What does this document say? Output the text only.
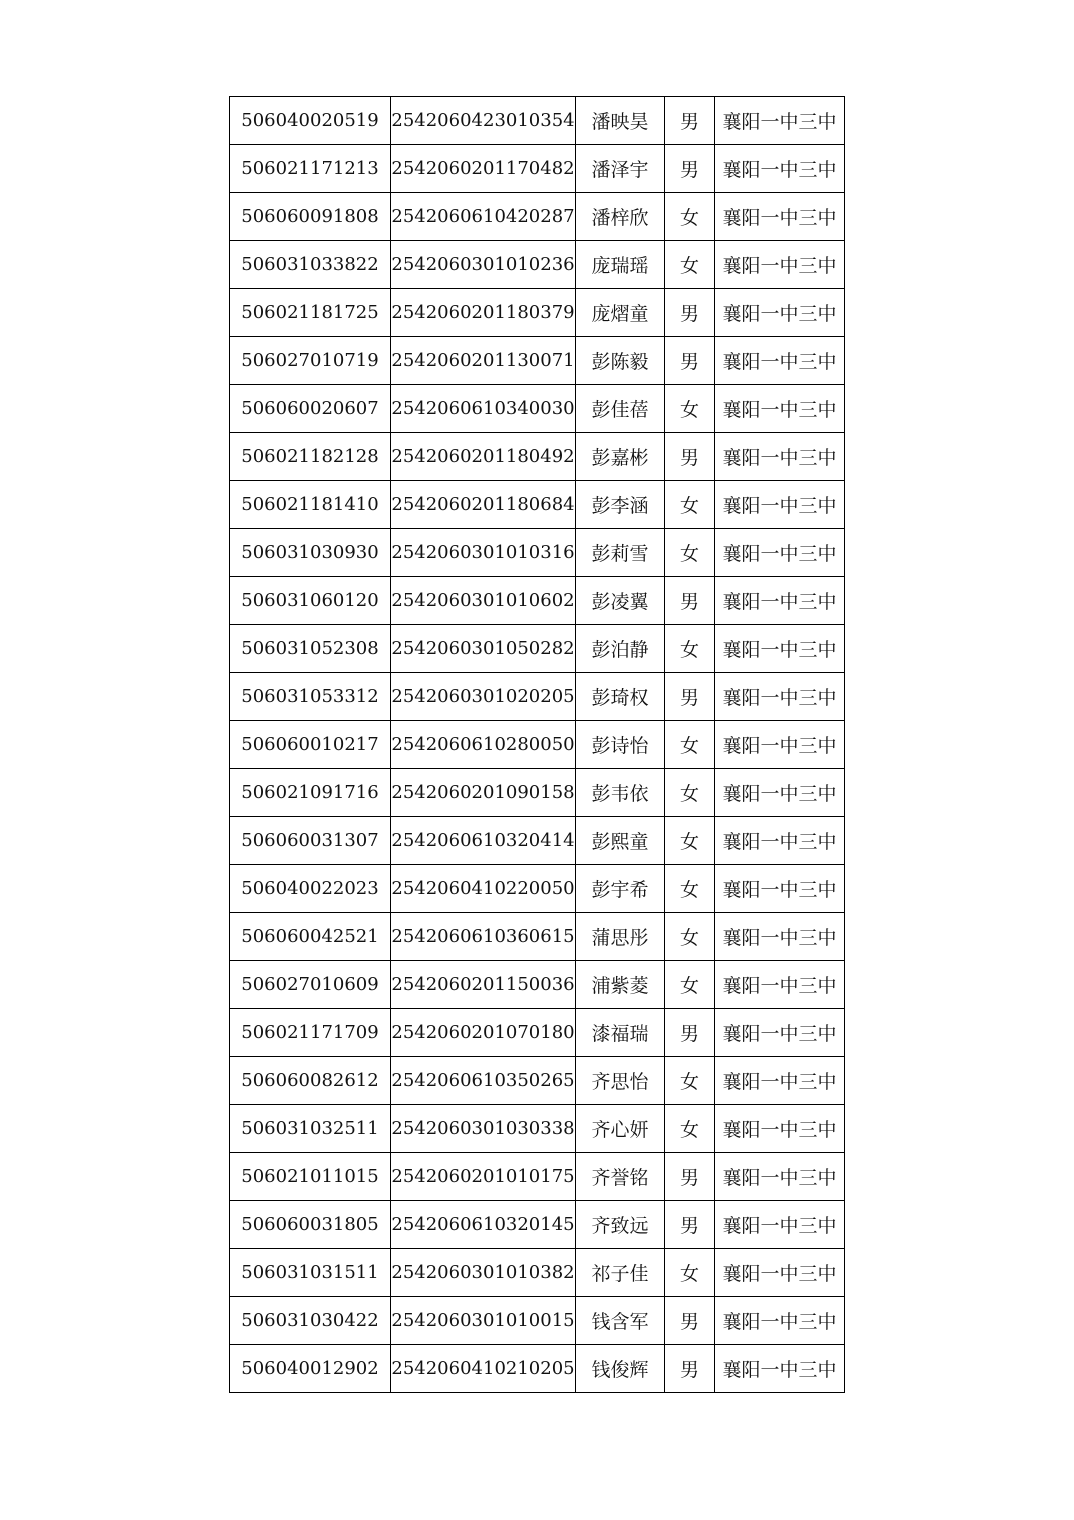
506040020519	2542060423010354	潘映昊	男	襄阳一中三中
506021171213	2542060201170482	潘泽宇	男	襄阳一中三中
506060091808	2542060610420287	潘梓欣	女	襄阳一中三中
506031033822	2542060301010236	庞瑞瑶	女	襄阳一中三中
506021181725	2542060201180379	庞熠童	男	襄阳一中三中
506027010719	2542060201130071	彭陈毅	男	襄阳一中三中
506060020607	2542060610340030	彭佳蓓	女	襄阳一中三中
506021182128	2542060201180492	彭嘉彬	男	襄阳一中三中
506021181410	2542060201180684	彭李涵	女	襄阳一中三中
506031030930	2542060301010316	彭莉雪	女	襄阳一中三中
506031060120	2542060301010602	彭凌翼	男	襄阳一中三中
506031052308	2542060301050282	彭泊静	女	襄阳一中三中
506031053312	2542060301020205	彭琦权	男	襄阳一中三中
506060010217	2542060610280050	彭诗怡	女	襄阳一中三中
506021091716	2542060201090158	彭韦依	女	襄阳一中三中
506060031307	2542060610320414	彭熙童	女	襄阳一中三中
506040022023	2542060410220050	彭宇希	女	襄阳一中三中
506060042521	2542060610360615	蒲思彤	女	襄阳一中三中
506027010609	2542060201150036	浦紫菱	女	襄阳一中三中
506021171709	2542060201070180	漆福瑞	男	襄阳一中三中
506060082612	2542060610350265	齐思怡	女	襄阳一中三中
506031032511	2542060301030338	齐心妍	女	襄阳一中三中
506021011015	2542060201010175	齐誉铭	男	襄阳一中三中
506060031805	2542060610320145	齐致远	男	襄阳一中三中
506031031511	2542060301010382	祁子佳	女	襄阳一中三中
506031030422	2542060301010015	钱含军	男	襄阳一中三中
506040012902	2542060410210205	钱俊辉	男	襄阳一中三中
